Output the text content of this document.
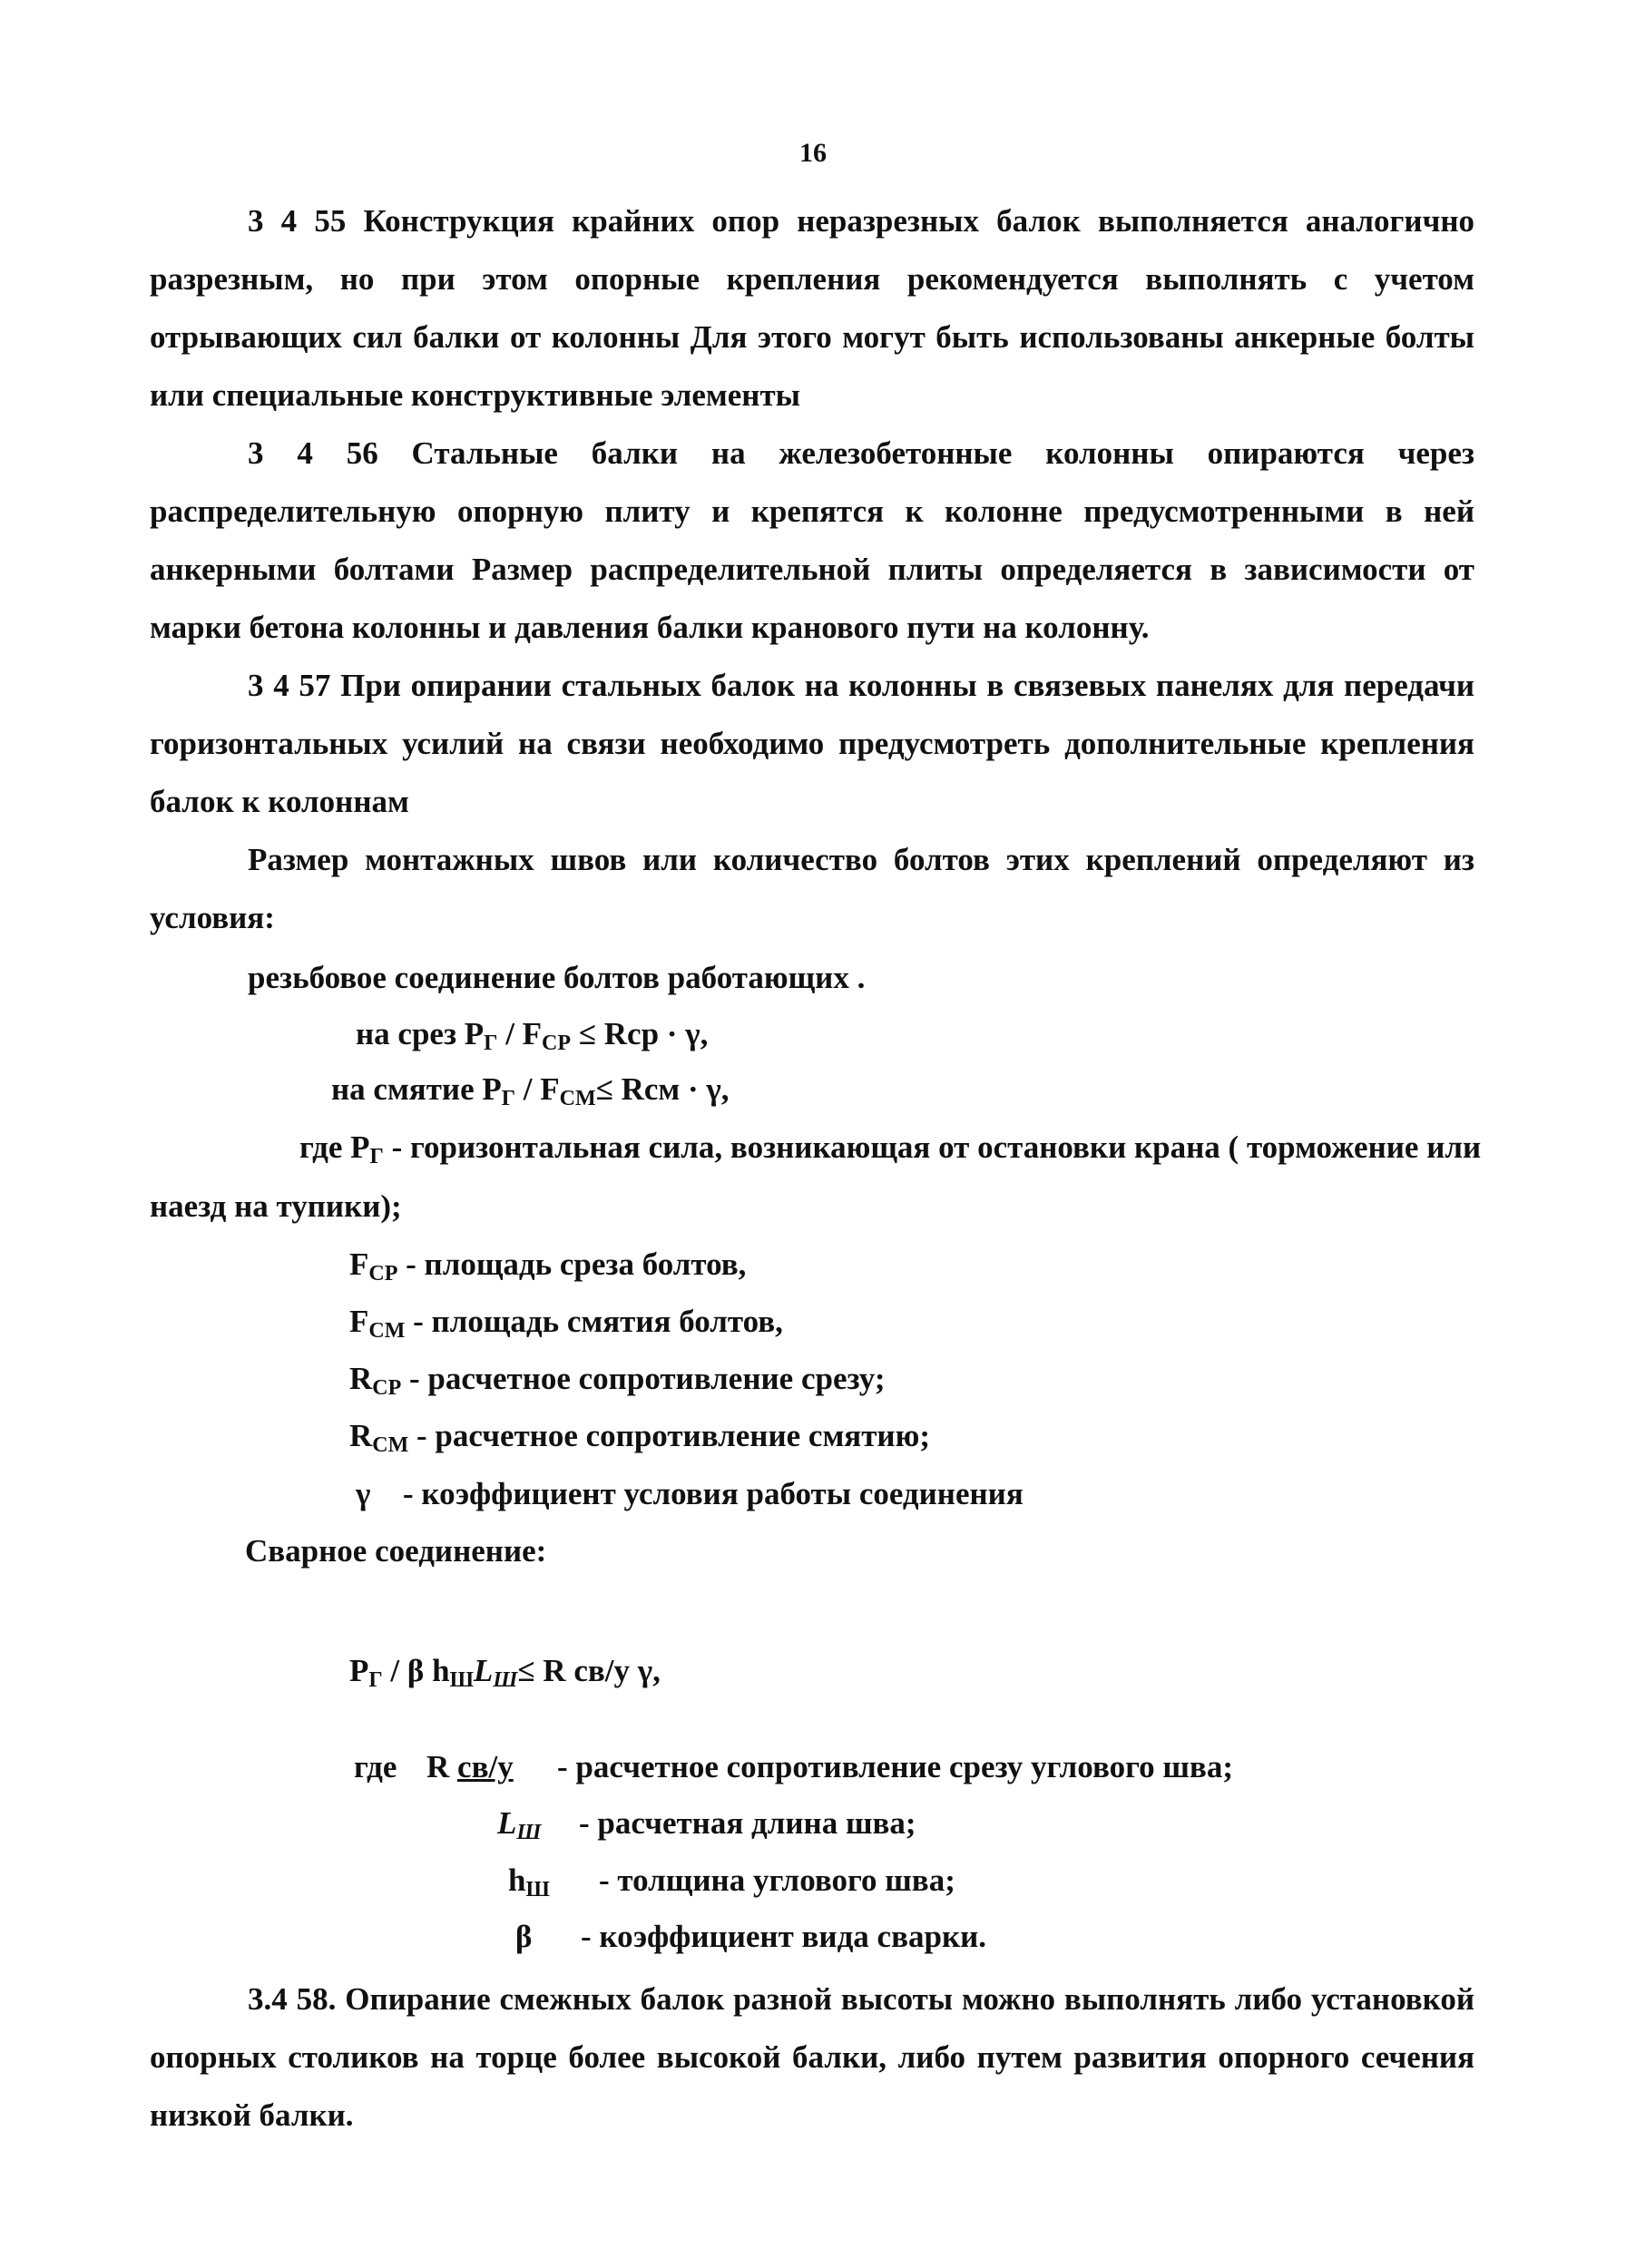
16
3 4 55 Конструкция крайних опор неразрезных балок выполняется аналогично разрезным, но при этом опорные крепления рекомендуется выполнять с учетом отрывающих сил балки от колонны Для этого могут быть использованы анкерные болты или специальные конструктивные элементы
3 4 56 Стальные балки на железобетонные колонны опираются через распределительную опорную плиту и крепятся к колонне предусмотренными в ней анкерными болтами Размер распределительной плиты определяется в зависимости от марки бетона колонны и давления балки кранового пути на колонну.
3 4 57 При опирании стальных балок на колонны в связевых панелях для передачи горизонтальных усилий на связи необходимо предусмотреть дополнительные крепления балок к колоннам
Размер монтажных швов или количество болтов этих креплений определяют из условия:
резьбовое соединение болтов работающих .
на срез $P_Г / F_{СР}$ ≤ Rср · γ,
на смятие $P_Г / F_{СМ}\le$ Rсм · γ,
где $P_Г$ - горизонтальная сила, возникающая от остановки крана ( торможение или
наезд на тупики);
$F_{СР}$ - площадь среза болтов,
$F_{СМ}$ - площадь смятия болтов,
$R_{СР}$ - расчетное сопротивление срезу;
$R_{СМ}$ - расчетное сопротивление смятию;
γ - коэффициент условия работы соединения
Сварное соединение:
$P_Г$ / β $h_ШL_Ш\le R$ св/у γ,
где R св/у - расчетное сопротивление срезу углового шва;
$L_Ш$ - расчетная длина шва;
$h_Ш$ - толщина углового шва;
β - коэффициент вида сварки.
3.4 58. Опирание смежных балок разной высоты можно выполнять либо установкой опорных столиков на торце более высокой балки, либо путем развития опорного сечения низкой балки.
